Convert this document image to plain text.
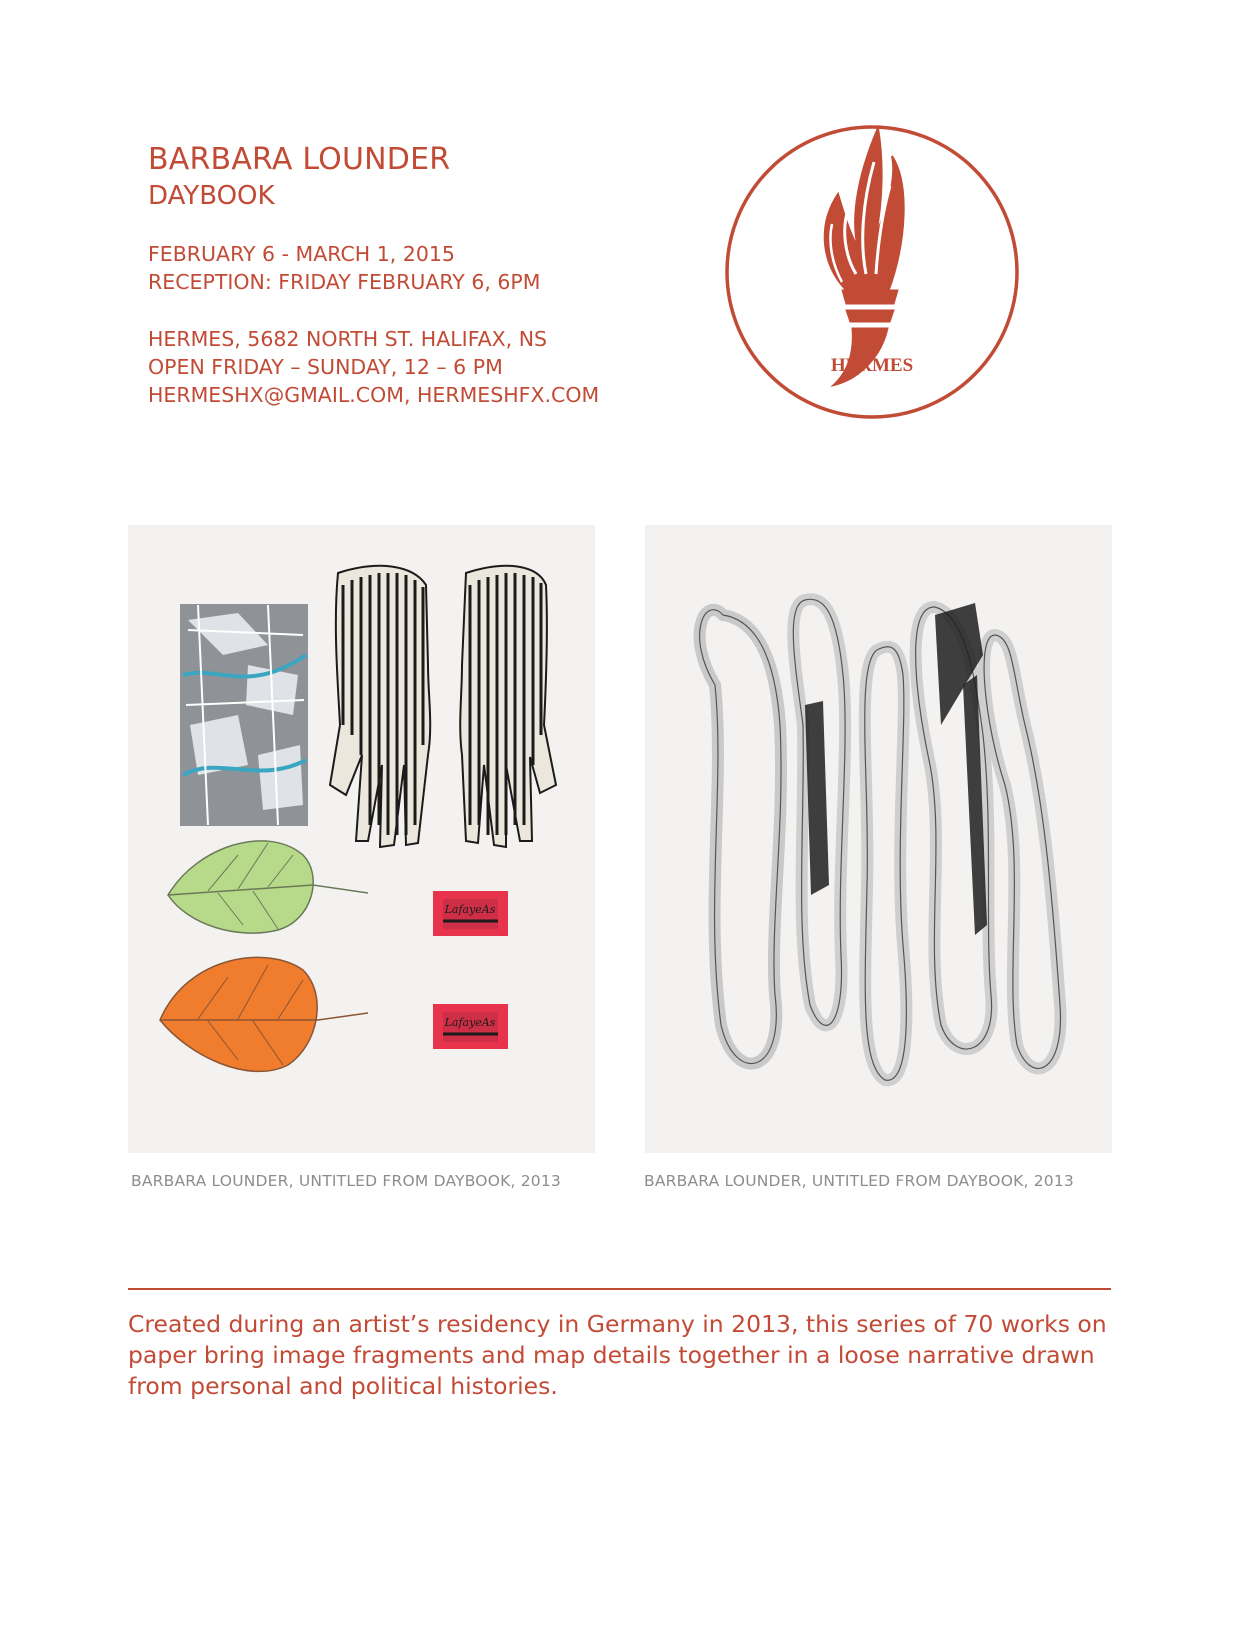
BARBARA LOUNDER
DAYBOOK
FEBRUARY 6 - MARCH 1, 2015
RECEPTION: FRIDAY FEBRUARY 6, 6PM
HERMES, 5682 NORTH ST. HALIFAX, NS
OPEN FRIDAY – SUNDAY, 12 – 6 PM
HERMESHX@GMAIL.COM, HERMESHFX.COM
HERMES
LafayeAs
LafayeAs
BARBARA LOUNDER, UNTITLED FROM DAYBOOK, 2013	BARBARA LOUNDER, UNTITLED FROM DAYBOOK, 2013
Created during an artist’s residency in Germany in 2013, this series of 70 works on
paper bring image fragments and map details together in a loose narrative drawn
from personal and political histories.
